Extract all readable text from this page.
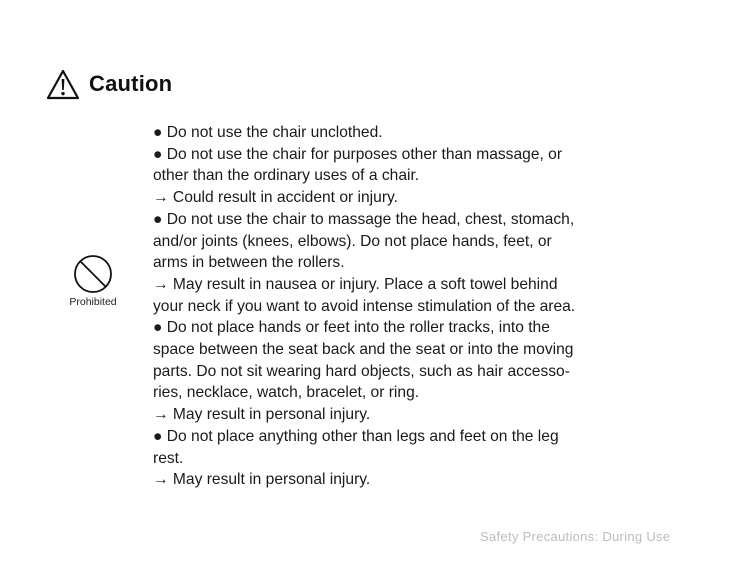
Caution
Prohibited
● Do not use the chair unclothed.
● Do not use the chair for purposes other than massage, or
other than the ordinary uses of a chair.
→ Could result in accident or injury.
● Do not use the chair to massage the head, chest, stomach,
and/or joints (knees, elbows). Do not place hands, feet, or
arms in between the rollers.
→ May result in nausea or injury. Place a soft towel behind
your neck if you want to avoid intense stimulation of the area.
● Do not place hands or feet into the roller tracks, into the
space between the seat back and the seat or into the moving
parts. Do not sit wearing hard objects, such as hair accesso-
ries, necklace, watch, bracelet, or ring.
→ May result in personal injury.
● Do not place anything other than legs and feet on the leg
rest.
→ May result in personal injury.
Safety Precautions: During Use
